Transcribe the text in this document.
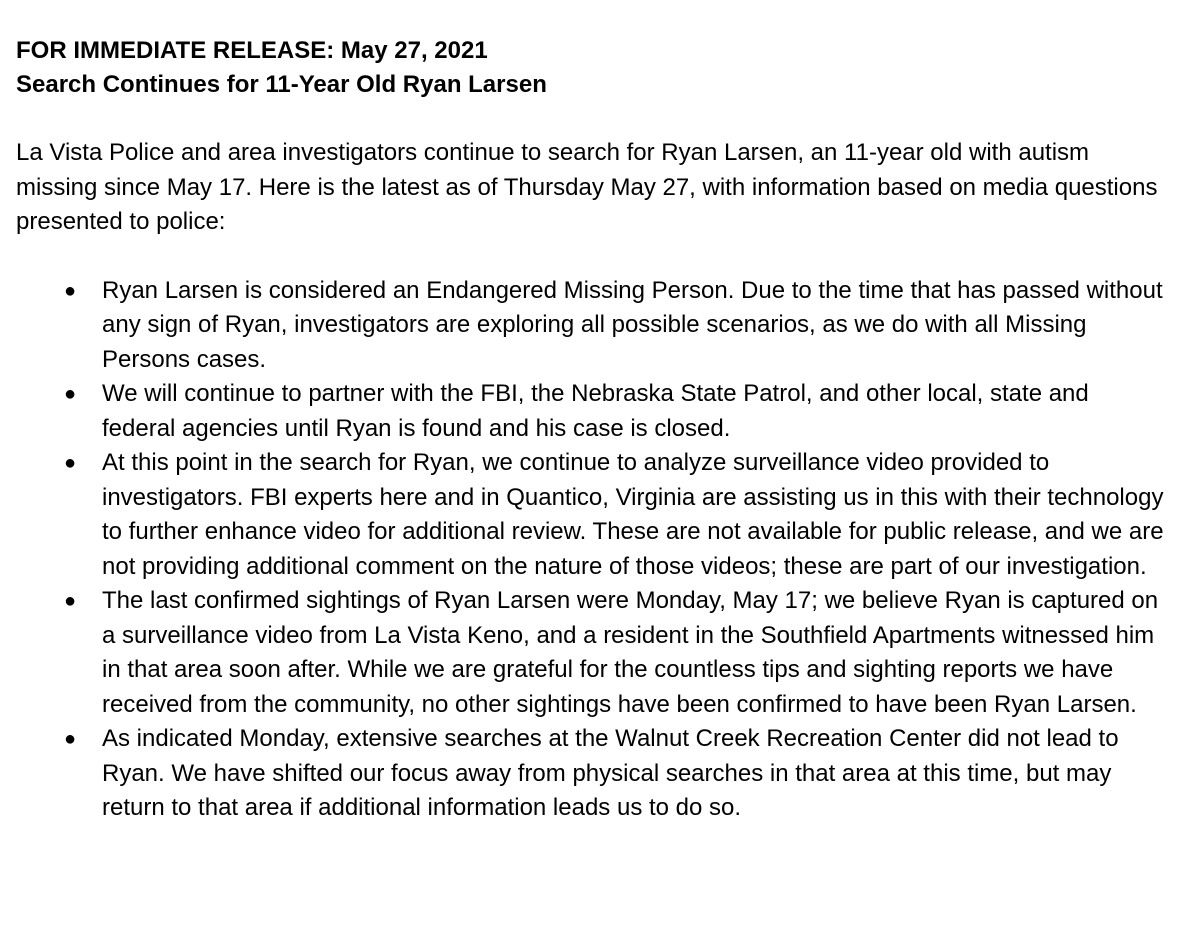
FOR IMMEDIATE RELEASE: May 27, 2021

Search Continues for 11-Year Old Ryan Larsen

La Vista Police and area investigators continue to search for Ryan Larsen, an 11-year old with autism missing since May 17. Here is the latest as of Thursday May 27, with information based on media questions presented to police:

● Ryan Larsen is considered an Endangered Missing Person. Due to the time that has passed without any sign of Ryan, investigators are exploring all possible scenarios, as we do with all Missing Persons cases.
● We will continue to partner with the FBI, the Nebraska State Patrol, and other local, state and federal agencies until Ryan is found and his case is closed.
● At this point in the search for Ryan, we continue to analyze surveillance video provided to investigators. FBI experts here and in Quantico, Virginia are assisting us in this with their technology to further enhance video for additional review. These are not available for public release, and we are not providing additional comment on the nature of those videos; these are part of our investigation.
● The last confirmed sightings of Ryan Larsen were Monday, May 17; we believe Ryan is captured on a surveillance video from La Vista Keno, and a resident in the Southfield Apartments witnessed him in that area soon after. While we are grateful for the countless tips and sighting reports we have received from the community, no other sightings have been confirmed to have been Ryan Larsen.
● As indicated Monday, extensive searches at the Walnut Creek Recreation Center did not lead to Ryan. We have shifted our focus away from physical searches in that area at this time, but may return to that area if additional information leads us to do so.
